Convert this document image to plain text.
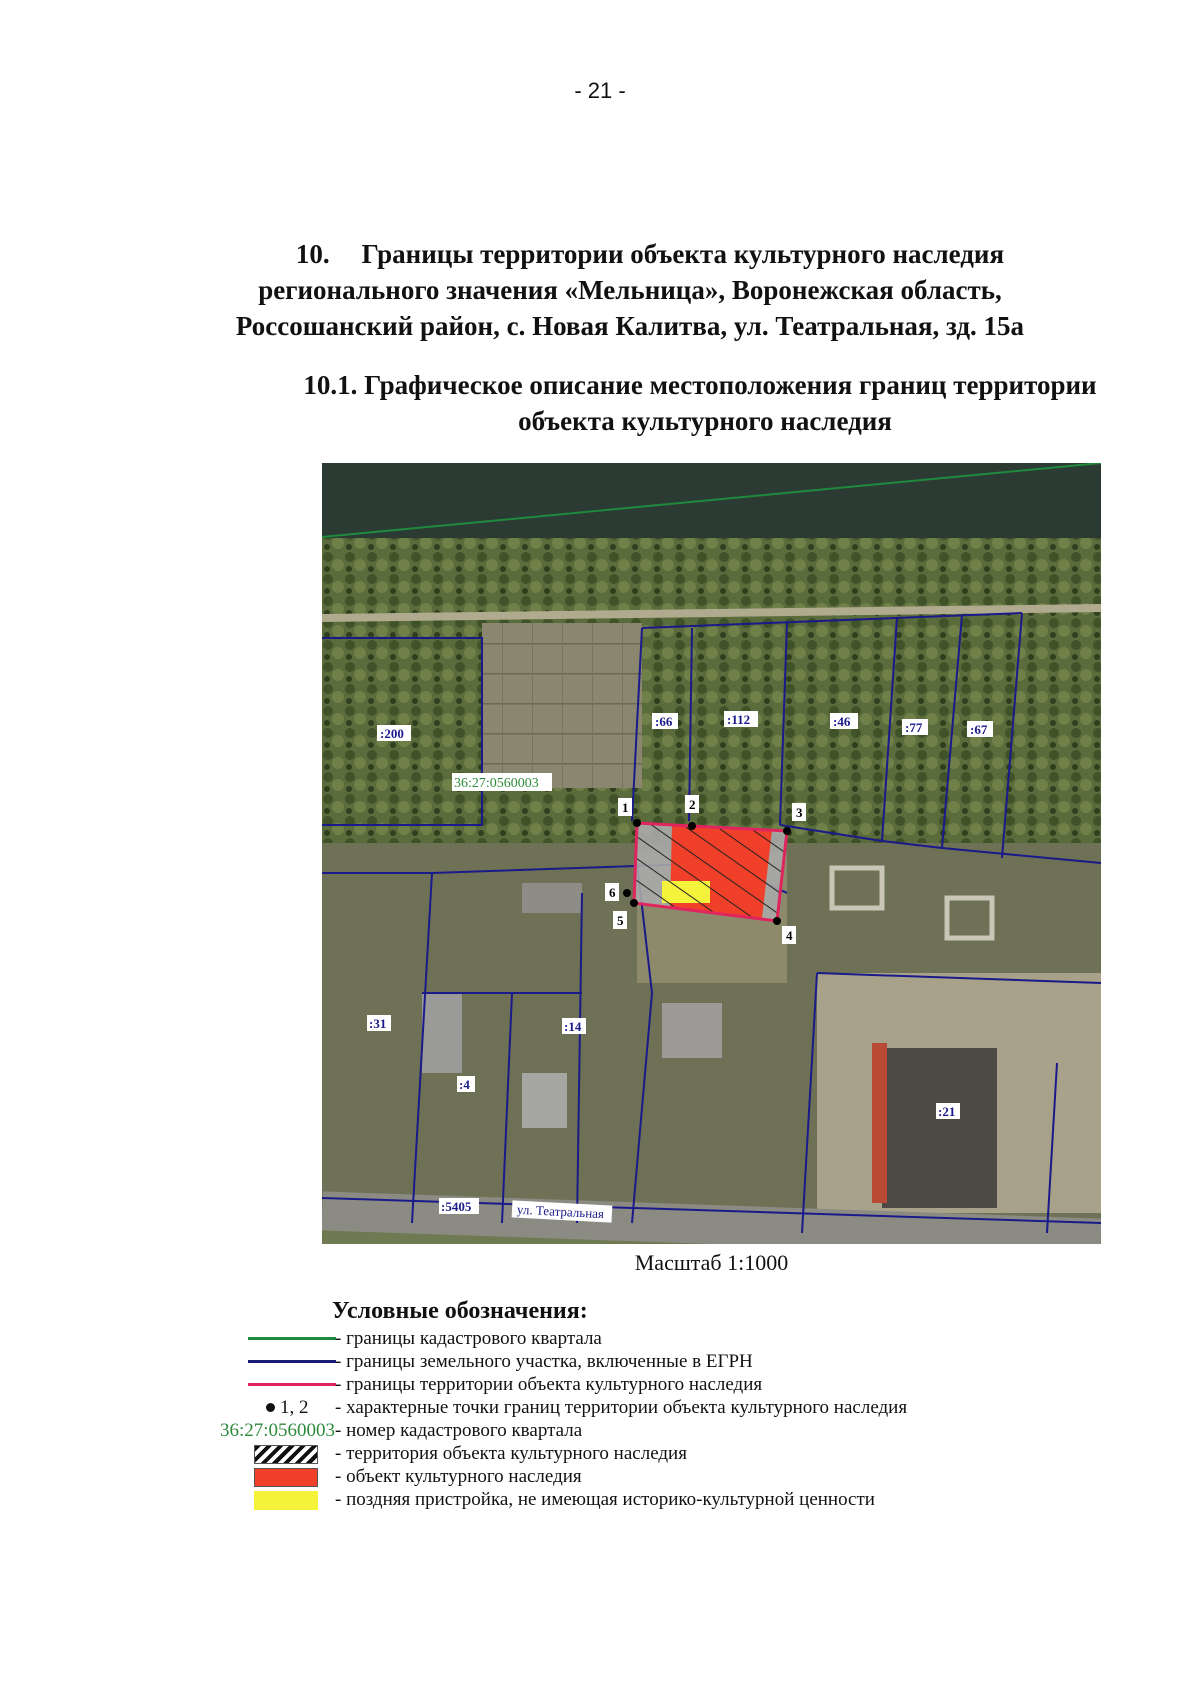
- 21 -
10. Границы территории объекта культурного наследия
регионального значения «Мельница», Воронежская область,
Россошанский район, с. Новая Калитва, ул. Театральная, зд. 15а
10.1. Графическое описание местоположения границ территории
объекта культурного наследия
:200
:66	:112	:46	:77	:67
36:27:0560003
:31
:4
:14
:21
:5405	ул. Театральная
1	2
3
4
5
6
Масштаб 1:1000
Условные обозначения:
- границы кадастрового квартала
- границы земельного участка, включенные в ЕГРН
- границы территории объекта культурного наследия
1, 2 - характерные точки границ территории объекта культурного наследия
36:27:0560003 - номер кадастрового квартала
- территория объекта культурного наследия
- объект культурного наследия
- поздняя пристройка, не имеющая историко-культурной ценности
